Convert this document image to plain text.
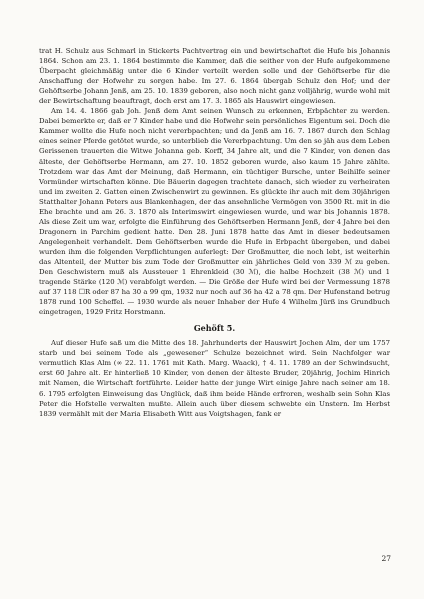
trat H. Schulz aus Schmarl in Stickerts Pachtvertrag ein und bewirtschaftet die Hufe bis Johannis 1864. Schon am 23. 1. 1864 bestimmte die Kammer, daß die seither von der Hufe aufgekommene Überpacht gleichmäßig unter die 6 Kinder verteilt werden solle und der Gehöftserbe für die Anschaffung der Hofwehr zu sorgen habe. Im 27. 6. 1864 übergab Schulz den Hof; und der Gehöftserbe Johann Jenß, am 25. 10. 1839 geboren, also noch nicht ganz volljährig, wurde wohl mit der Bewirtschaftung beauftragt, doch erst am 17. 3. 1865 als Hauswirt eingewiesen.

Am 14. 4. 1866 gab Joh. Jenß dem Amt seinen Wunsch zu erkennen, Erbpächter zu werden. Dabei bemerkte er, daß er 7 Kinder habe und die Hofwehr sein persönliches Eigentum sei. Doch die Kammer wollte die Hufe noch nicht vererbpachten; und da Jenß am 16. 7. 1867 durch den Schlag eines seiner Pferde getötet wurde, so unterblieb die Vererbpachtung. Um den so jäh aus dem Leben Gerissenen trauerten die Witwe Johanna geb. Korff, 34 Jahre alt, und die 7 Kinder, von denen das älteste, der Gehöftserbe Hermann, am 27. 10. 1852 geboren wurde, also kaum 15 Jahre zählte. Trotzdem war das Amt der Meinung, daß Hermann, ein tüchtiger Bursche, unter Beihilfe seiner Vormünder wirtschaften könne. Die Bäuerin dagegen trachtete danach, sich wieder zu verheiraten und im zweiten 2. Gatten einen Zwischenwirt zu gewinnen. Es glückte ihr auch mit dem 30jährigen Statthalter Johann Peters aus Blankenhagen, der das ansehnliche Vermögen von 3500 Rt. mit in die Ehe brachte und am 26. 3. 1870 als Interimswirt eingewiesen wurde, und war bis Johannis 1878. Als diese Zeit um war, erfolgte die Einführung des Gehöftserben Hermann Jenß, der 4 Jahre bei den Dragonern in Parchim gedient hatte. Den 28. Juni 1878 hatte das Amt in dieser bedeutsamen Angelegenheit verhandelt. Dem Gehöftserben wurde die Hufe in Erbpacht übergeben, und dabei wurden ihm die folgenden Verpflichtungen auferlegt: Der Großmutter, die noch lebt, ist weiterhin das Altenteil, der Mutter bis zum Tode der Großmutter ein jährliches Geld von 339 ℳ zu geben. Den Geschwistern muß als Aussteuer 1 Ehrenkleid (30 ℳ), die halbe Hochzeit (38 ℳ) und 1 tragende Stärke (120 ℳ) verabfolgt werden. — Die Größe der Hufe wird bei der Vermessung 1878 auf 37 118 ☐R oder 87 ha 30 a 99 qm, 1932 nur noch auf 36 ha 42 a 78 qm. Der Hufenstand betrug 1878 rund 100 Scheffel. — 1930 wurde als neuer Inhaber der Hufe 4 Wilhelm Jürß ins Grundbuch eingetragen, 1929 Fritz Horstmann.

Gehöft 5.

Auf dieser Hufe saß um die Mitte des 18. Jahrhunderts der Hauswirt Jochen Alm, der um 1757 starb und bei seinem Tode als „gewesener“ Schulze bezeichnet wird. Sein Nachfolger war vermutlich Klas Alm (∞ 22. 11. 1761 mit Kath. Marg. Waack), † 4. 11. 1789 an der Schwindsucht, erst 60 Jahre alt. Er hinterließ 10 Kinder, von denen der älteste Bruder, 20jährig, Jochim Hinrich mit Namen, die Wirtschaft fortführte. Leider hatte der junge Wirt einige Jahre nach seiner am 18. 6. 1795 erfolgten Einweisung das Unglück, daß ihm beide Hände erfroren, weshalb sein Sohn Klas Peter die Hofstelle verwalten mußte. Allein auch über diesem schwebte ein Unstern. Im Herbst 1839 vermählt mit der Maria Elisabeth Witt aus Voigtshagen, fank er

27
